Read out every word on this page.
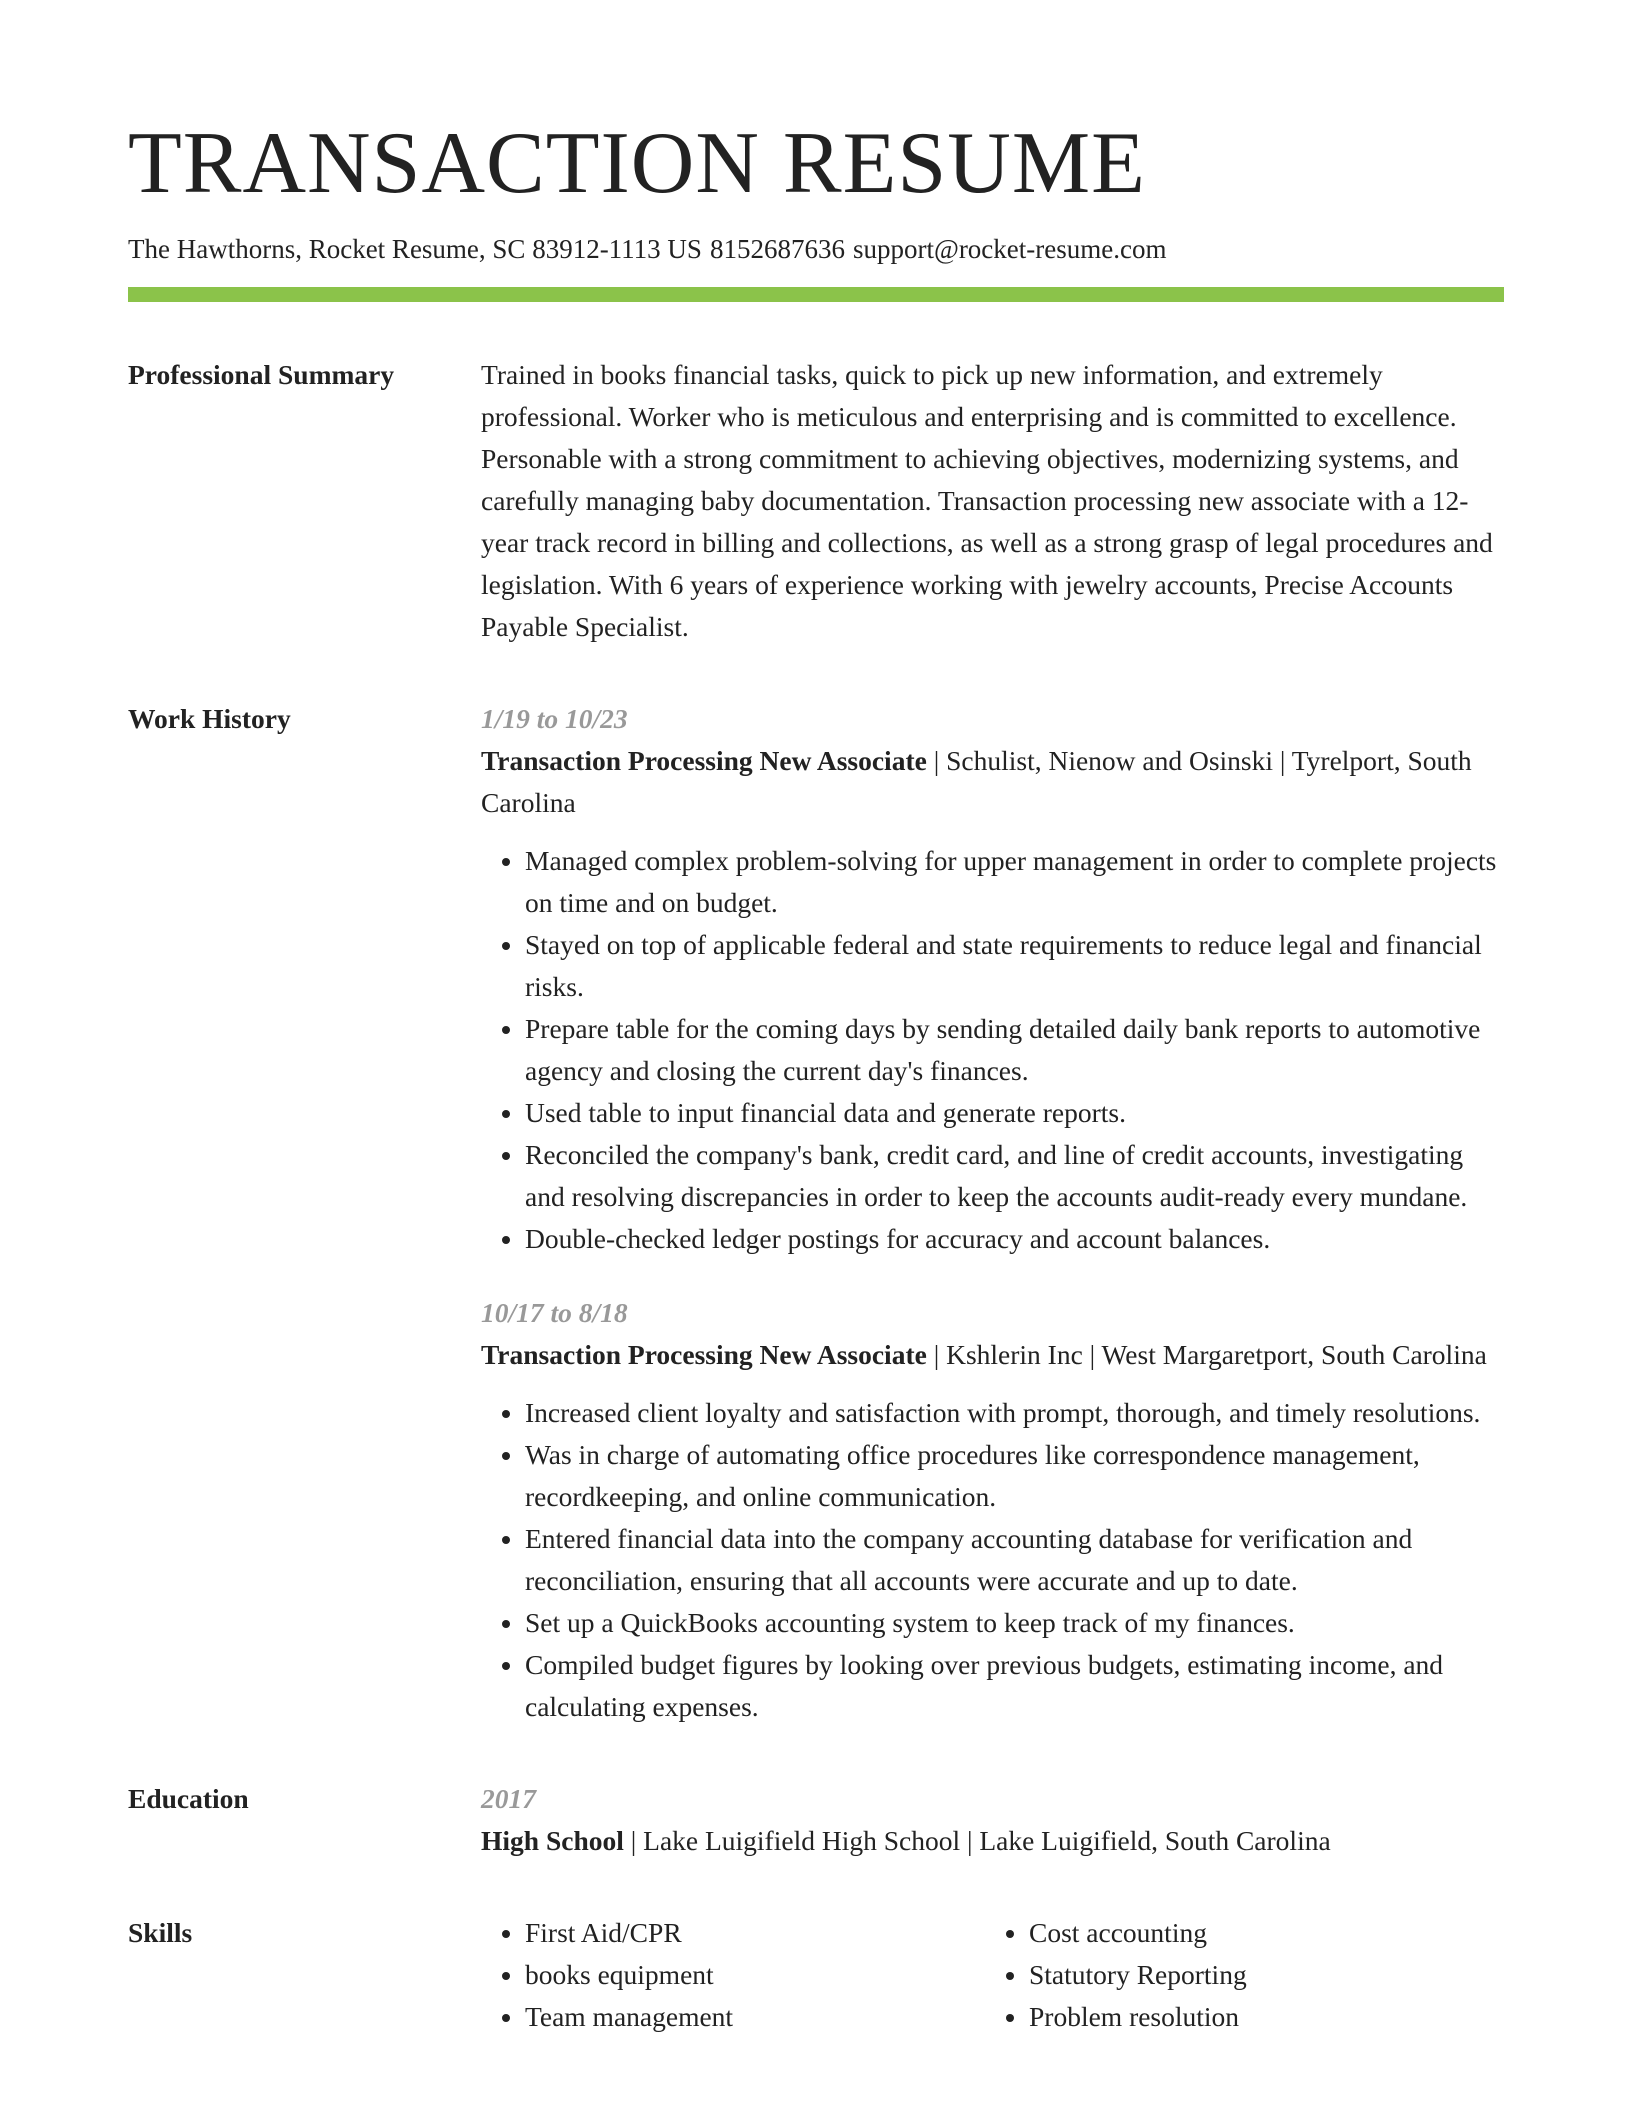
TRANSACTION RESUME
The Hawthorns, Rocket Resume, SC 83912-1113 US 8152687636 support@rocket-resume.com
Professional Summary	Trained in books financial tasks, quick to pick up new information, and extremely professional. Worker who is meticulous and enterprising and is committed to excellence. Personable with a strong commitment to achieving objectives, modernizing systems, and carefully managing baby documentation. Transaction processing new associate with a 12-year track record in billing and collections, as well as a strong grasp of legal procedures and legislation. With 6 years of experience working with jewelry accounts, Precise Accounts Payable Specialist.

Work History	1/19 to 10/23
Transaction Processing New Associate | Schulist, Nienow and Osinski | Tyrelport, South Carolina
• Managed complex problem-solving for upper management in order to complete projects on time and on budget.
• Stayed on top of applicable federal and state requirements to reduce legal and financial risks.
• Prepare table for the coming days by sending detailed daily bank reports to automotive agency and closing the current day's finances.
• Used table to input financial data and generate reports.
• Reconciled the company's bank, credit card, and line of credit accounts, investigating and resolving discrepancies in order to keep the accounts audit-ready every mundane.
• Double-checked ledger postings for accuracy and account balances.
10/17 to 8/18
Transaction Processing New Associate | Kshlerin Inc | West Margaretport, South Carolina
• Increased client loyalty and satisfaction with prompt, thorough, and timely resolutions.
• Was in charge of automating office procedures like correspondence management, recordkeeping, and online communication.
• Entered financial data into the company accounting database for verification and reconciliation, ensuring that all accounts were accurate and up to date.
• Set up a QuickBooks accounting system to keep track of my finances.
• Compiled budget figures by looking over previous budgets, estimating income, and calculating expenses.
Education	2017
High School | Lake Luigifield High School | Lake Luigifield, South Carolina
Skills
•	First Aid/CPR
• books equipment
• Team management
• Cost accounting
• Statutory Reporting
• Problem resolution
